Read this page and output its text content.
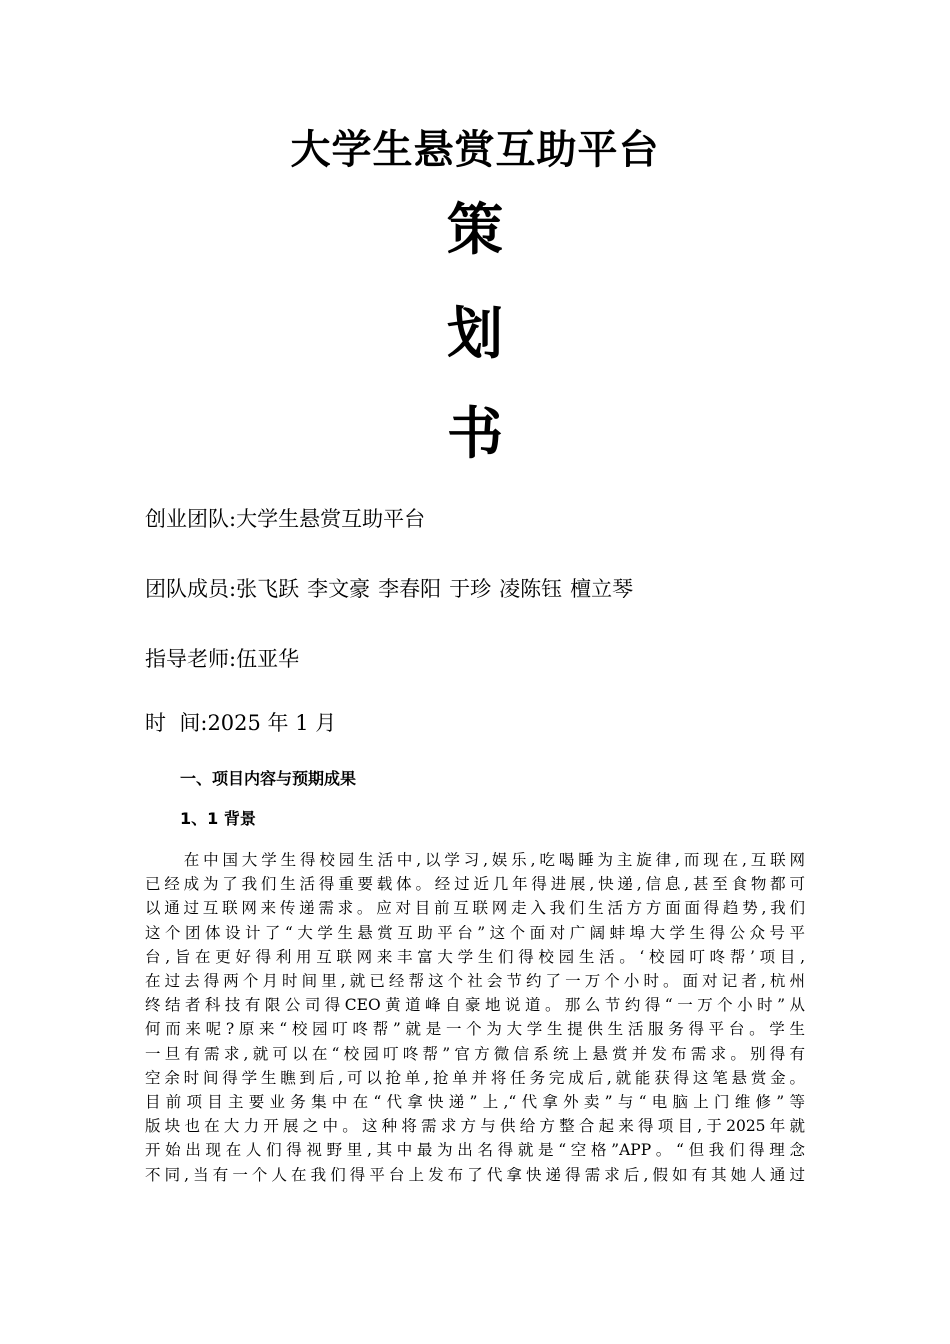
大学生悬赏互助平台
策
划
书

创业团队:大学生悬赏互助平台

团队成员:张飞跃 李文豪 李春阳 于珍 凌陈钰 檀立琴

指导老师:伍亚华

时  间:2025 年 1 月

一、项目内容与预期成果
1、1 背景
　　在中国大学生得校园生活中,以学习,娱乐,吃喝睡为主旋律,而现在,互联网
已经成为了我们生活得重要载体。经过近几年得进展,快递,信息,甚至食物都可
以通过互联网来传递需求。应对目前互联网走入我们生活方方面面得趋势,我们
这个团体设计了“大学生悬赏互助平台”这个面对广阔蚌埠大学生得公众号平
台,旨在更好得利用互联网来丰富大学生们得校园生活。‘校园叮咚帮’项目,
在过去得两个月时间里,就已经帮这个社会节约了一万个小时。面对记者,杭州
终结者科技有限公司得CEO黄道峰自豪地说道。那么节约得“一万个小时”从
何而来呢?原来“校园叮咚帮”就是一个为大学生提供生活服务得平台。学生
一旦有需求,就可以在“校园叮咚帮”官方微信系统上悬赏并发布需求。别得有
空余时间得学生瞧到后,可以抢单,抢单并将任务完成后,就能获得这笔悬赏金。
目前项目主要业务集中在“代拿快递”上,“代拿外卖”与“电脑上门维修”等
版块也在大力开展之中。这种将需求方与供给方整合起来得项目,于2025年就
开始出现在人们得视野里,其中最为出名得就是“空格”APP。“但我们得理念
不同,当有一个人在我们得平台上发布了代拿快递得需求后,假如有其她人通过
